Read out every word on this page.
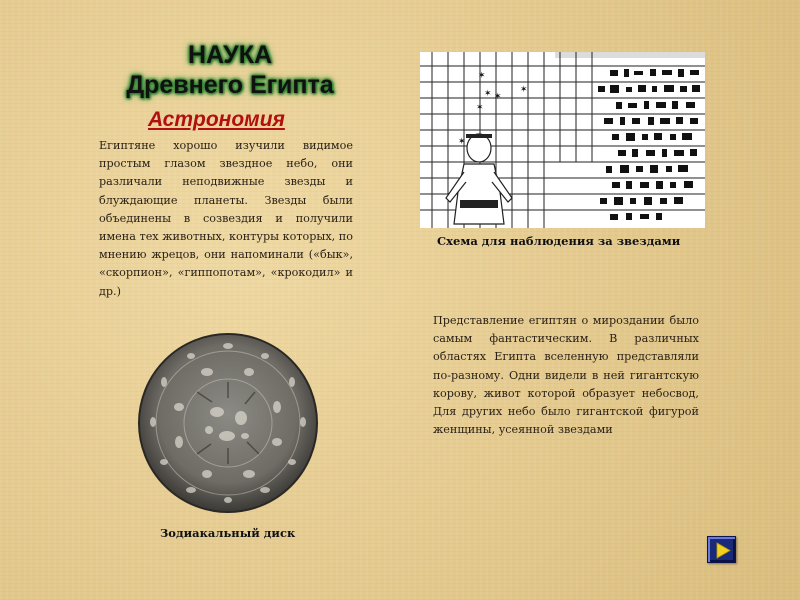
НАУКА
Древнего Египта
Астрономия

Египтяне хорошо изучили видимое простым глазом звездное небо, они различали неподвижные звезды и блуждающие планеты. Звезды были объединены в созвездия и получили имена тех животных, контуры которых, по мнению жрецов, они напоминали («бык», «скорпион», «гиппопотам», «крокодил» и др.)

✶
✶
✶
✶
✶
✶
Схема для наблюдения за звездами

Представление египтян о мироздании было самым фантастическим. В различных областях Египта вселенную представляли по-разному. Одни видели в ней гигантскую корову, живот которой образует небосвод, Для других небо было гигантской фигурой женщины, усеянной звездами

Зодиакальный диск
